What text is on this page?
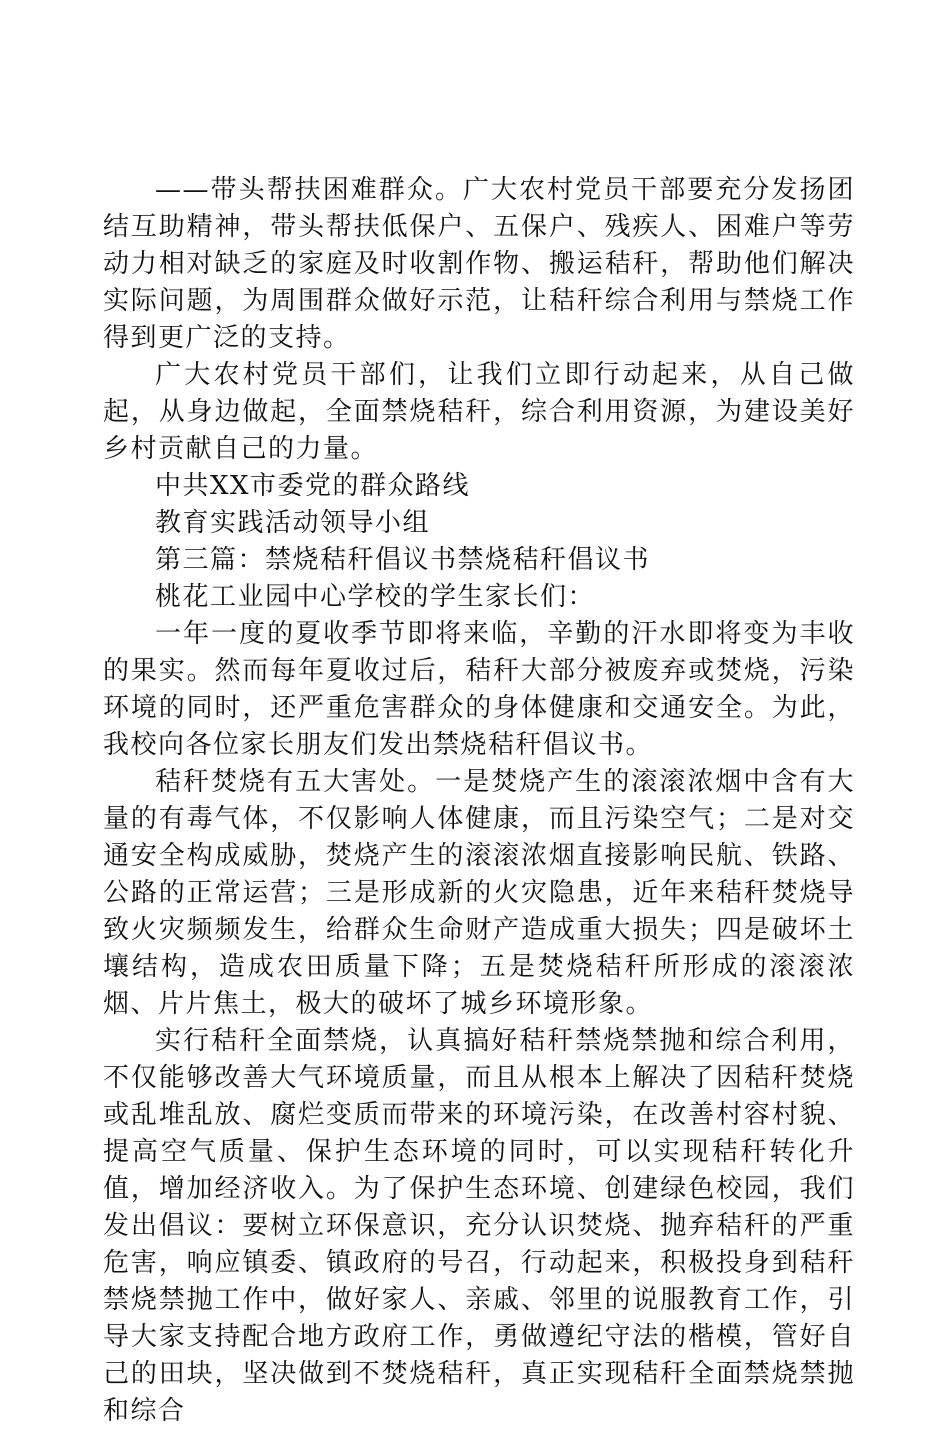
——带头帮扶困难群众。广大农村党员干部要充分发扬团结互助精神，带头帮扶低保户、五保户、残疾人、困难户等劳动力相对缺乏的家庭及时收割作物、搬运秸秆，帮助他们解决实际问题，为周围群众做好示范，让秸秆综合利用与禁烧工作得到更广泛的支持。

广大农村党员干部们，让我们立即行动起来，从自己做起，从身边做起，全面禁烧秸秆，综合利用资源，为建设美好乡村贡献自己的力量。

中共XX市委党的群众路线

教育实践活动领导小组

第三篇：禁烧秸秆倡议书禁烧秸秆倡议书

桃花工业园中心学校的学生家长们：

一年一度的夏收季节即将来临，辛勤的汗水即将变为丰收的果实。然而每年夏收过后，秸秆大部分被废弃或焚烧，污染环境的同时，还严重危害群众的身体健康和交通安全。为此，我校向各位家长朋友们发出禁烧秸秆倡议书。

秸秆焚烧有五大害处。一是焚烧产生的滚滚浓烟中含有大量的有毒气体，不仅影响人体健康，而且污染空气；二是对交通安全构成威胁，焚烧产生的滚滚浓烟直接影响民航、铁路、公路的正常运营；三是形成新的火灾隐患，近年来秸秆焚烧导致火灾频频发生，给群众生命财产造成重大损失；四是破坏土壤结构，造成农田质量下降；五是焚烧秸秆所形成的滚滚浓烟、片片焦土，极大的破坏了城乡环境形象。

实行秸秆全面禁烧，认真搞好秸秆禁烧禁抛和综合利用，不仅能够改善大气环境质量，而且从根本上解决了因秸秆焚烧或乱堆乱放、腐烂变质而带来的环境污染，在改善村容村貌、提高空气质量、保护生态环境的同时，可以实现秸秆转化升值，增加经济收入。为了保护生态环境、创建绿色校园，我们发出倡议：要树立环保意识，充分认识焚烧、抛弃秸秆的严重危害，响应镇委、镇政府的号召，行动起来，积极投身到秸秆禁烧禁抛工作中，做好家人、亲戚、邻里的说服教育工作，引导大家支持配合地方政府工作，勇做遵纪守法的楷模，管好自己的田块，坚决做到不焚烧秸秆，真正实现秸秆全面禁烧禁抛和综合
